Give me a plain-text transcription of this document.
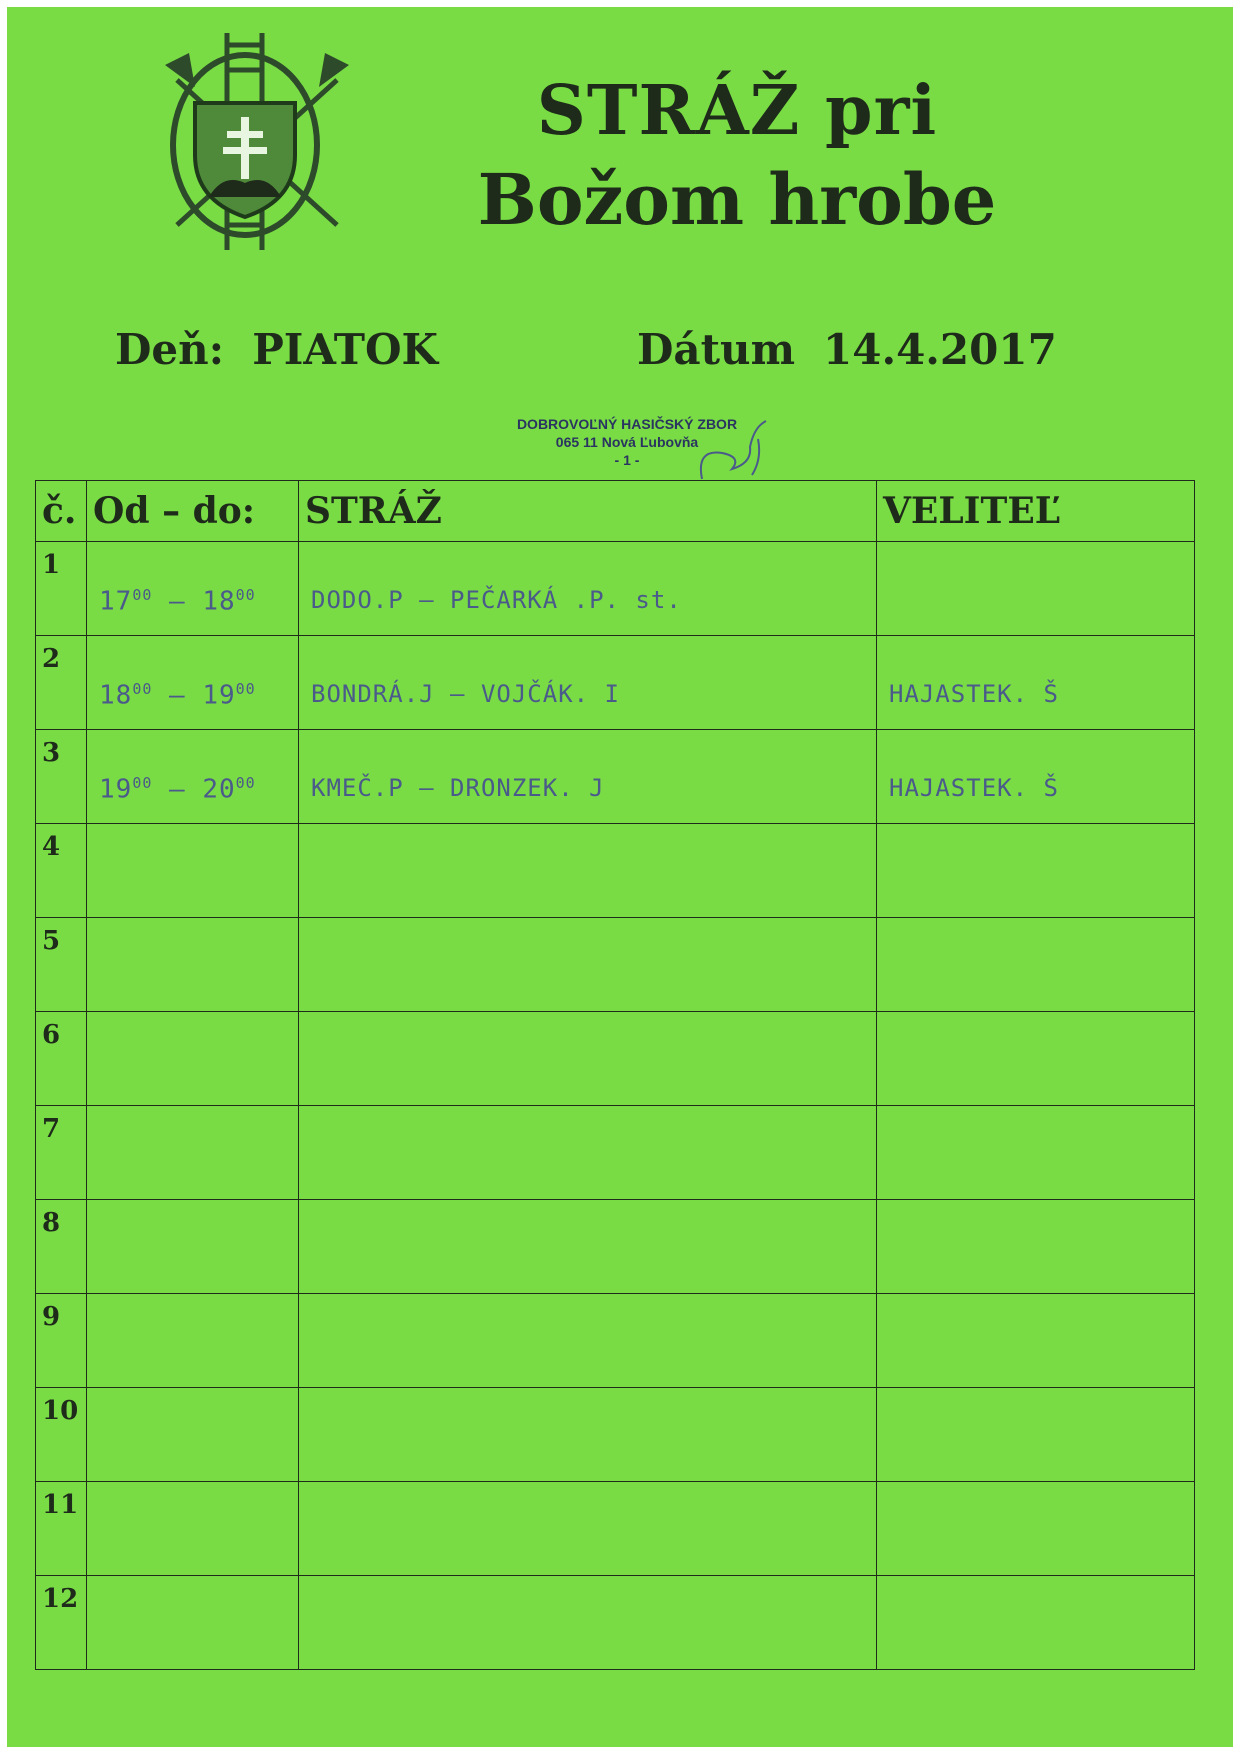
STRÁŽ pri
Božom hrobe
Deň: PIATOK	Dátum 14.4.2017
DOBROVOĽNÝ HASIČSKÝ ZBOR
065 11 Nová Ľubovňa
- 1 -
č.	Od – do:	STRÁŽ	VELITEĽ

1	$17^{00} - 18^{00}$	DODO.P – PEČARKÁ .P. st.	

2	$18^{00} - 19^{00}$	BONDRÁ.J – VOJČÁK. I	HAJASTEK. Š

3	$19^{00} - 20^{00}$	KMEČ.P – DRONZEK. J	HAJASTEK. Š

4			

5			

6			

7			

8			

9			

10			

11			

12			
